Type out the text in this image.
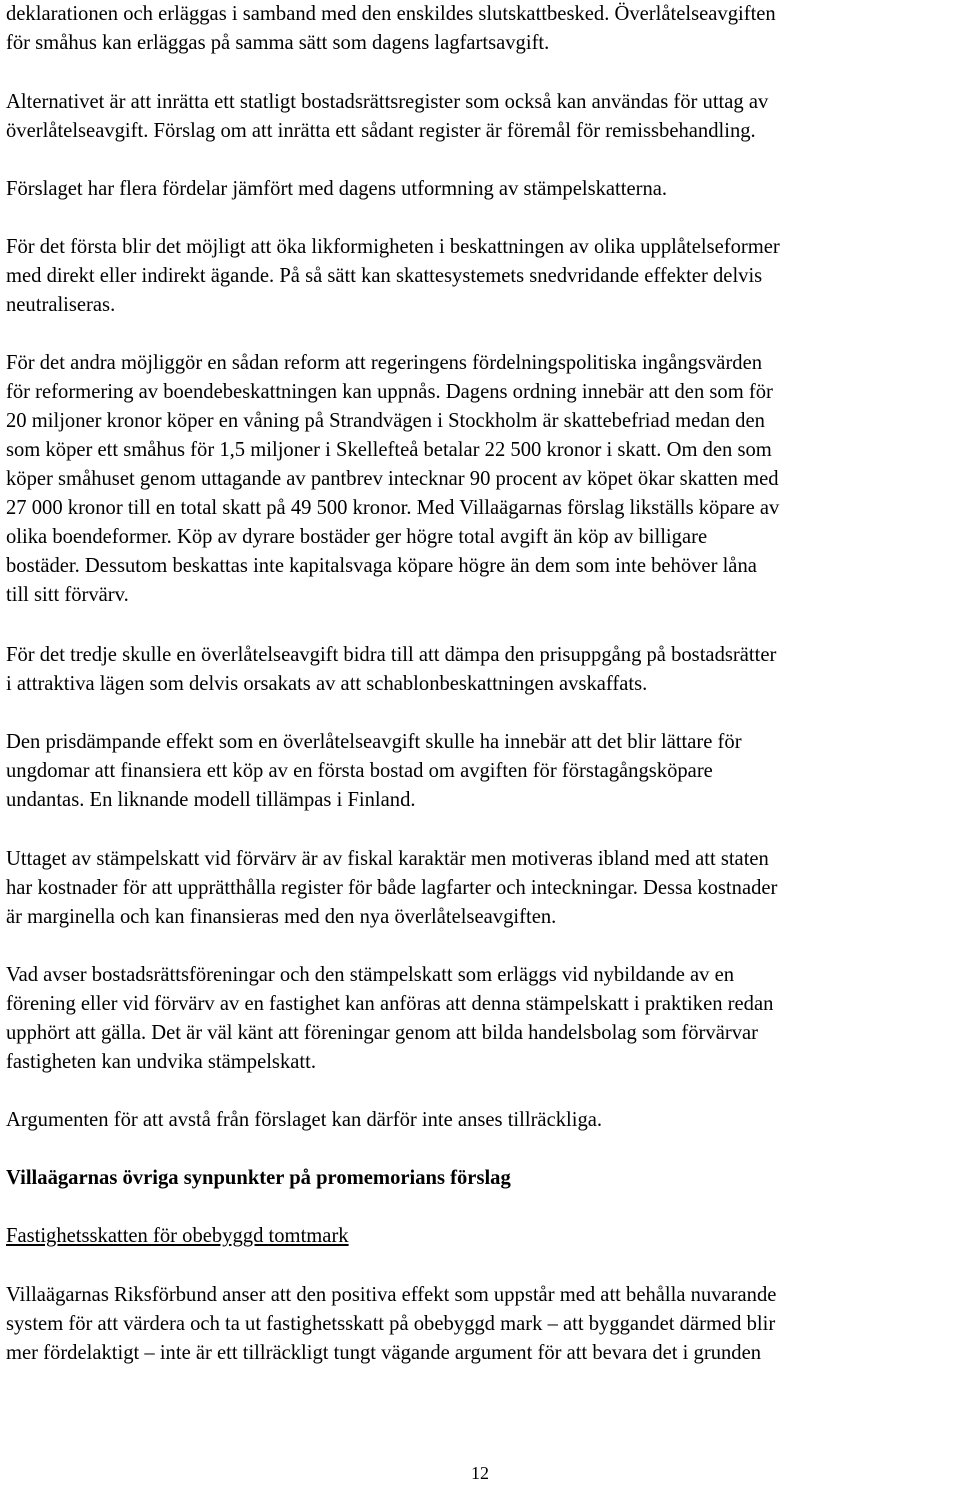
deklarationen och erläggas i samband med den enskildes slutskattbesked. Överlåtelseavgiften
för småhus kan erläggas på samma sätt som dagens lagfartsavgift.
Alternativet är att inrätta ett statligt bostadsrättsregister som också kan användas för uttag av
överlåtelseavgift. Förslag om att inrätta ett sådant register är föremål för remissbehandling.
Förslaget har flera fördelar jämfört med dagens utformning av stämpelskatterna.
För det första blir det möjligt att öka likformigheten i beskattningen av olika upplåtelseformer
med direkt eller indirekt ägande. På så sätt kan skattesystemets snedvridande effekter delvis
neutraliseras.
För det andra möjliggör en sådan reform att regeringens fördelningspolitiska ingångsvärden
för reformering av boendebeskattningen kan uppnås. Dagens ordning innebär att den som för
20 miljoner kronor köper en våning på Strandvägen i Stockholm är skattebefriad medan den
som köper ett småhus för 1,5 miljoner i Skellefteå betalar 22 500 kronor i skatt. Om den som
köper småhuset genom uttagande av pantbrev intecknar 90 procent av köpet ökar skatten med
27 000 kronor till en total skatt på 49 500 kronor. Med Villaägarnas förslag likställs köpare av
olika boendeformer. Köp av dyrare bostäder ger högre total avgift än köp av billigare
bostäder. Dessutom beskattas inte kapitalsvaga köpare högre än dem som inte behöver låna
till sitt förvärv.
För det tredje skulle en överlåtelseavgift bidra till att dämpa den prisuppgång på bostadsrätter
i attraktiva lägen som delvis orsakats av att schablonbeskattningen avskaffats.
Den prisdämpande effekt som en överlåtelseavgift skulle ha innebär att det blir lättare för
ungdomar att finansiera ett köp av en första bostad om avgiften för förstagångsköpare
undantas. En liknande modell tillämpas i Finland.
Uttaget av stämpelskatt vid förvärv är av fiskal karaktär men motiveras ibland med att staten
har kostnader för att upprätthålla register för både lagfarter och inteckningar. Dessa kostnader
är marginella och kan finansieras med den nya överlåtelseavgiften.
Vad avser bostadsrättsföreningar och den stämpelskatt som erläggs vid nybildande av en
förening eller vid förvärv av en fastighet kan anföras att denna stämpelskatt i praktiken redan
upphört att gälla. Det är väl känt att föreningar genom att bilda handelsbolag som förvärvar
fastigheten kan undvika stämpelskatt.
Argumenten för att avstå från förslaget kan därför inte anses tillräckliga.
Villaägarnas övriga synpunkter på promemorians förslag
Fastighetsskatten för obebyggd tomtmark
Villaägarnas Riksförbund anser att den positiva effekt som uppstår med att behålla nuvarande
system för att värdera och ta ut fastighetsskatt på obebyggd mark – att byggandet därmed blir
mer fördelaktigt – inte är ett tillräckligt tungt vägande argument för att bevara det i grunden
12
